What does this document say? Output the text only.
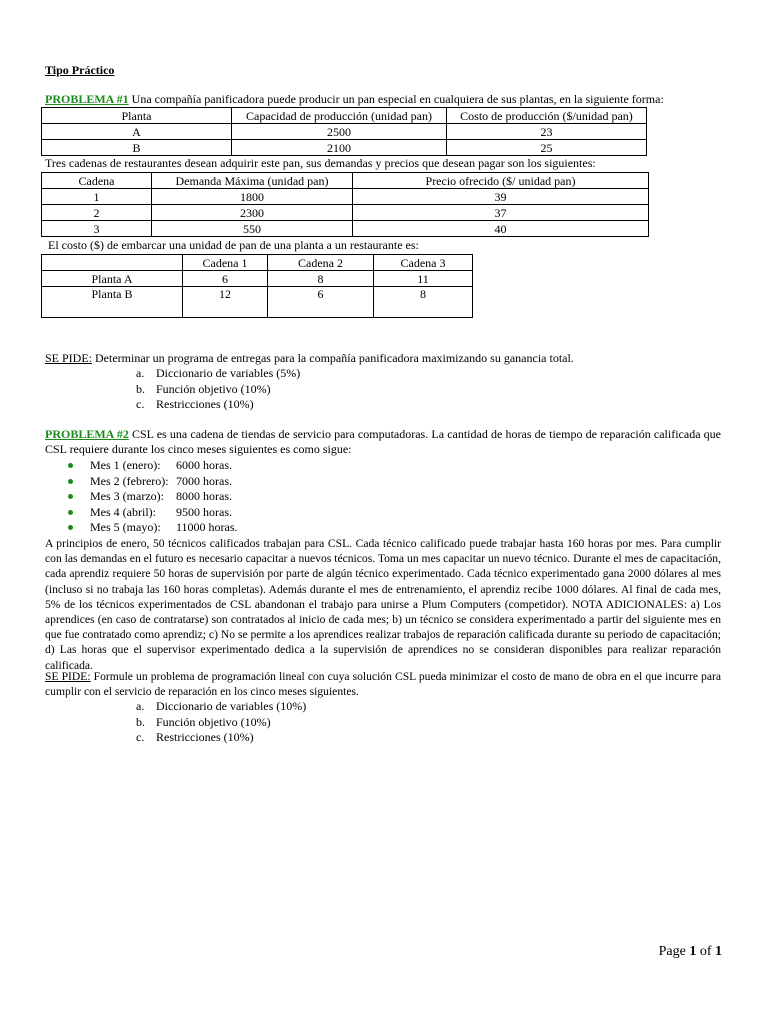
Tipo Práctico
PROBLEMA #1 Una compañía panificadora puede producir un pan especial en cualquiera de sus plantas, en la siguiente forma:
Planta	Capacidad de producción (unidad pan)	Costo de producción ($/unidad pan)
A	2500	23
B	2100	25
Tres cadenas de restaurantes desean adquirir este pan, sus demandas y precios que desean pagar son los siguientes:
Cadena	Demanda Máxima (unidad pan)	Precio ofrecido ($/ unidad pan)
1	1800	39
2	2300	37
3	550	40
El costo ($) de embarcar una unidad de pan de una planta a un restaurante es:
	Cadena 1	Cadena 2	Cadena 3
Planta A	6	8	11
Planta B	12	6	8
SE PIDE: Determinar un programa de entregas para la compañía panificadora maximizando su ganancia total.
a. Diccionario de variables (5%)
b. Función objetivo (10%)
c. Restricciones (10%)
PROBLEMA #2 CSL es una cadena de tiendas de servicio para computadoras. La cantidad de horas de tiempo de reparación calificada que CSL requiere durante los cinco meses siguientes es como sigue:
Mes 1 (enero): 6000 horas.
Mes 2 (febrero): 7000 horas.
Mes 3 (marzo): 8000 horas.
Mes 4 (abril): 9500 horas.
Mes 5 (mayo): 11000 horas.
A principios de enero, 50 técnicos calificados trabajan para CSL. Cada técnico calificado puede trabajar hasta 160 horas por mes. Para cumplir con las demandas en el futuro es necesario capacitar a nuevos técnicos. Toma un mes capacitar un nuevo técnico. Durante el mes de capacitación, cada aprendiz requiere 50 horas de supervisión por parte de algún técnico experimentado. Cada técnico experimentado gana 2000 dólares al mes (incluso si no trabaja las 160 horas completas). Además durante el mes de entrenamiento, el aprendiz recibe 1000 dólares. Al final de cada mes, 5% de los técnicos experimentados de CSL abandonan el trabajo para unirse a Plum Computers (competidor). NOTA ADICIONALES: a) Los aprendices (en caso de contratarse) son contratados al inicio de cada mes; b) un técnico se considera experimentado a partir del siguiente mes en que fue contratado como aprendiz; c) No se permite a los aprendices realizar trabajos de reparación calificada durante su periodo de capacitación; d) Las horas que el supervisor experimentado dedica a la supervisión de aprendices no se consideran disponibles para realizar reparación calificada.
SE PIDE: Formule un problema de programación lineal con cuya solución CSL pueda minimizar el costo de mano de obra en el que incurre para cumplir con el servicio de reparación en los cinco meses siguientes.
a. Diccionario de variables (10%)
b. Función objetivo (10%)
c. Restricciones (10%)
Page 1 of 1
